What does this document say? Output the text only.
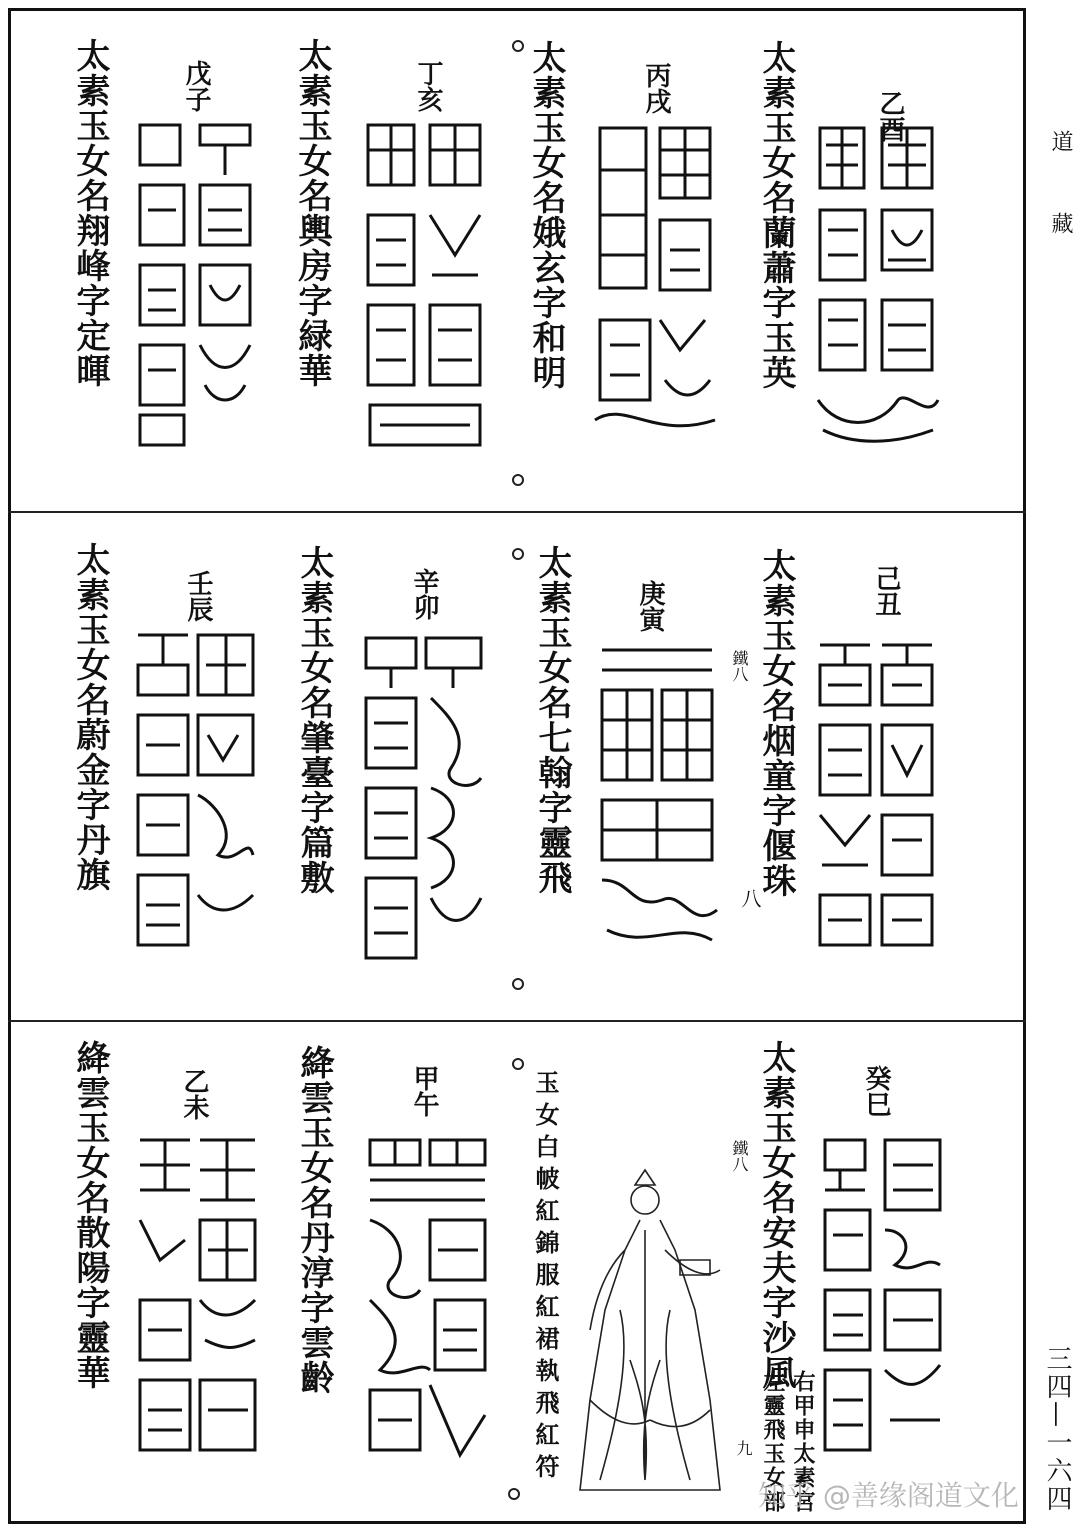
道藏
三四—一六四
太素玉女名蘭蕭字玉英	乙酉
太素玉女名娥玄字和明	丙戌
太素玉女名輿房字緑華	丁亥
太素玉女名翔峰字定暉	戊子
太素玉女名烟童字偃珠
鐵八
己丑
八
太素玉女名七翰字靈飛 庚寅
太素玉女名肇臺字篇敷	辛卯
太素玉女名蔚金字丹旗	壬辰
太素玉女名安夫字沙風
鐵八
癸巳
右甲申太素宮
左靈飛玉女部
九
玉女白帔紅錦服紅裙執飛紅符
絳雲玉女名丹淳字雲齡	甲午
絳雲玉女名散陽字靈華	乙未
知乎 @善缘阁道文化
